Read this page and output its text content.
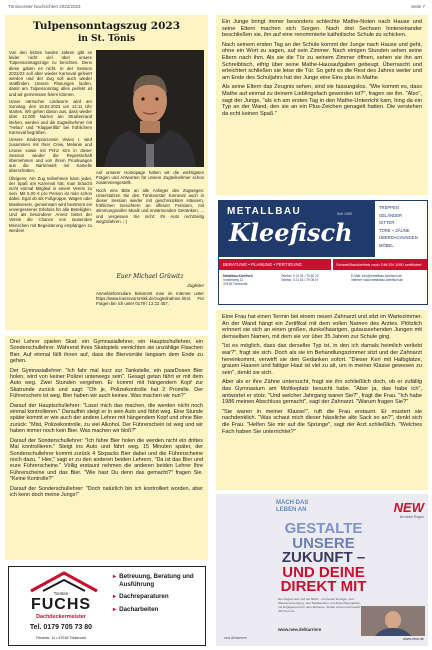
Tönisvorster Nachrichten 2022/2023	Seite 7
Tulpensonntagszug 2023
in St. Tönis

Von den letzten beiden Jahren gibt es leider nicht viel über unsere Tulpensonntagszüge zu berichten. Denn diese gaben es nicht. In der Session 2022/23 soll aber wieder Karneval gefeiert werden und der Zug soll auch wieder stattfinden. Unsere Planungen laufen, damit am Tulpensonntag alles perfekt ist und wir gemeinsam feiern können.

Unser närrischer Lindwurm wird am Sonntag, den 19.02.2023 um 14:11 Uhr starten. Wir gehen davon aus, dass wieder über 12.000 Narren am Straßenrand stehen, werden und die Zugteilnehmer mit "Helau" und "Klapperlilla" bei fröhlichem Karneval begrüßen.

Unsere Kinderprinzessin Vivien I. wird zusammen mit Ihrer Crew, Melanie und Leonie sowie mit Prinz Kim in dieser Session wieder die Regentschaft übernehmen und von ihrem Prunkwagen aus die Narrenwelt mit Kamelle überschütten.

Übrigens: Am Zug teilnehmen kann jeder, der Spaß am Karneval hat, man braucht nicht einmal Mitglied in einem Verein zu sein. Mit 5,00 € pro Person ist man schon dabei. Egal ob als Fußgruppe, Wagen oder Musikverein, gemeinsam wird bestimmt ein unvergessener Erlebnis für alle Beteiligten. Und als besonderer Anreiz bietet der Verein die Chance von tausenden Menschen mit Begeisterung empfangen zu werden!

Auf unserer Homepage haben wir die wichtigsten Fragen und Antworten für unsere Zugteilnehmer schon zusammengestellt.

Noch eins Bitte an alle Anlieger des Zugweges: Unterstützen Sie den Tönisvorster Karneval auch in dieser Session wieder mit geschmückten Häusern, fröhlichen Gesichtern an offenen Fenstern, mit stimmungsvoller Musik und erwärmenden Getränken, ... und vergessen Sie nicht: Ihr Auto rechtzeitig wegzufahren. ;-)

Euer Michael Grüwitz
Zugleiter
Anmeldeformulare bekommt man im Internet unter https://www.toenisvorst-kkk.de/zugteilnahme.html. Für Fragen bin ich unter 0179 / 13 22 457.

Ein Junge bringt immer besonders schlechte Mathe-Noten nach Hause und seine Eltern machen sich Sorgen. Nach drei Sechsen hintereinander beschließen sie, ihn auf eine renommierte katholische Schule zu schicken.

Nach seinem ersten Tag an der Schule kommt der Junge nach Hause und geht, ohne ein Wort zu sagen, auf sein Zimmer. Nach einigen Stunden sehen seine Eltern nach ihm. Als sie die Tür zu seinem Zimmer öffnen, sehen sie ihn am Schreibtisch, eifrig über seine Mathe-Hausaufgaben gebeugt. Überrascht und erleichtert schließen sie leise die Tür. So geht es die Rest des Jahres weiter und am Ende des Schuljahrs hat der Junge eine Eins plus in Mathe.

Als seine Eltern das Zeugnis sehen, sind sie fassungslos. "Wie kommt es, dass Mathe auf einmal zu deinem Lieblingsfach geworden ist?", fragen sie ihn. "Also", sagt der Junge, "als ich am ersten Tag in den Mathe-Unterricht kam, hing da ein Typ an der Wand, den sie an ein Plus-Zeichen genagelt hatten. Die verstehen da echt keinen Spaß."

METALLBAU
Kleefisch
Seit 1905
TREPPEN
GELÄNDER
GITTER
TORE + ZÄUNE
ÜBERDACHUNGEN
MÖBEL
BERATUNG • PLANUNG • FERTIGUNG	Schweißfachbetrieb nach DIN EN 1090 zertifiziert
Metallbau Kleefisch
Vorsterweg 11
47918 Tönisvorst
Telefon: 0 21 51 / 79 82 22
Telefax: 0 21 51 / 79 06 07
E-Mail: info@metallbau-kleefisch.de
Internet: www.metallbau-kleefisch.de

Drei Lehrer spielen Skat: ein Gymnasiallehrer, ein Hauptschullehrer, ein Sonderschullehrer. Während ihres Skatspiels vernichten sie unzählige Flaschen Bier. Auf einmal fällt ihnen auf, dass die Biervorräte langsam dem Ende zu gehen.

Der Gymnasiallehrer: "Ich fahr mal kurz zur Tankstelle, ein paarDosen Bier holen, wird von keiner Polizei unterwegs sein". Gesagt getan fährt er mit dem Auto weg. Zwei Stunden vergehen. Er kommt mit hängendem Kopf zur Skatrunde zurück und sagt: "Oh je, Polizeikontrolle hat 2 Promille. Der Führerschein ist weg, Bier haben wir auch keines. Was machen wir nun?"

Darauf der Hauptschullehrer: "Lasst mich das machen, die werden nicht noch einmal kontrollieren." Daraufhin steigt er in sein Auto und fährt weg. Eine Stunde später kommt er wie auch der andere Lehrer mit hängendem Kopf und ohne Bier zurück: "Mist, Polizeikontrolle, zu viel Alkohol. Der Führerschein ist weg und wir haben immer noch kein Bier. Was machen wir bloß?"

Darauf der Sonderschullehrer: "Ich fahre Bier holen die werden nicht ein drittes Mal kontrollieren." Steigt ins Auto und fährt weg. 15 Minuten später, der Sonderschullehrer kommt zurück 4 Sixpacks Bier dabei und die Führerscheine noch dazu. " Hier," sagt er zu den anderen beiden Lehrern, "Da ist das Bier und eure Führerscheine." Völlig erstaunt nehmen die anderen beiden Lehrer Ihre Führerscheine und das Bier. "Wie hast Du denn das gemacht?" fragen Sie. "Keine Kontrolle?"

Darauf der Sonderschullehrer: "Doch natürlich bin ich kontrolliert worden, aber ich kenn doch meine Jungs!"

Eine Frau hat einen Termin bei einem neuen Zahnarzt und sitzt im Wartezimmer. An der Wand hängt ein Zertifikat mit dem vollen Namen des Arztes. Plötzlich erinnert sie sich an einen großen, dunkelhaarigen, gutaussehenden Jungen mit demselben Namen, mit dem sie vor über 35 Jahren zur Schule ging.

"Ist es möglich, dass das derselbe Typ ist, in den ich damals heimlich verliebt war?", fragt sie sich. Doch als sie im Behandlungszimmer sitzt und der Zahnarzt hereinkommt, verwirft sie den Gedanken sofort. "Dieser Kerl mit Halbglatze, grauen Haaren und faltiger Haut ist viel zu alt, um in meiner Klasse gewesen zu sein", denkt sie sich.

Aber als er ihre Zähne untersucht, fragt sie ihn schließlich doch, ob er zufällig das Gymnasium am Moltkeplatz besucht habe. "Aber ja, das habe ich", antwortet er stolz. "Und welcher Jahrgang waren Sie?", fragt die Frau. "Ich habe 1986 meinen Abschluss gemacht", sagt der Zahnarzt. "Warum fragen Sie?"

"Sie waren in meiner Klasse!", ruft die Frau erstaunt. Er mustert sie nachdenklich. "Was schaut mich dieser hässliche alte Sack so an?", denkt sich die Frau. "Helfen Sie mir auf die Sprünge", sagt der Arzt schließlich. "Welches Fach haben Sie unterrichtet?"

Torsten
FUCHS
Dachdeckermeister
Tel. 0179 705 73 80
Feuerstr. 11 • 47918 Tönisvorst
▸ Betreuung, Beratung und Ausführung
▸ Dachreparaturen
▸ Dacharbeiten
MACH DAS
LEBEN AN	NEW
für meine Region
GESTALTE
UNSERE
ZUKUNFT –
UND DEINE
DIREKT MIT
Die Region lebt und die NEW – mit bester Energie- und Wasserversorgung, den Stadtwerken, mit Zukunftsprojekten, mit Engagement für dein Zuhause. Schau vorbei und bewirb dich bei uns.
www.new.de/karriere
new.de/karriere	www.new.de
